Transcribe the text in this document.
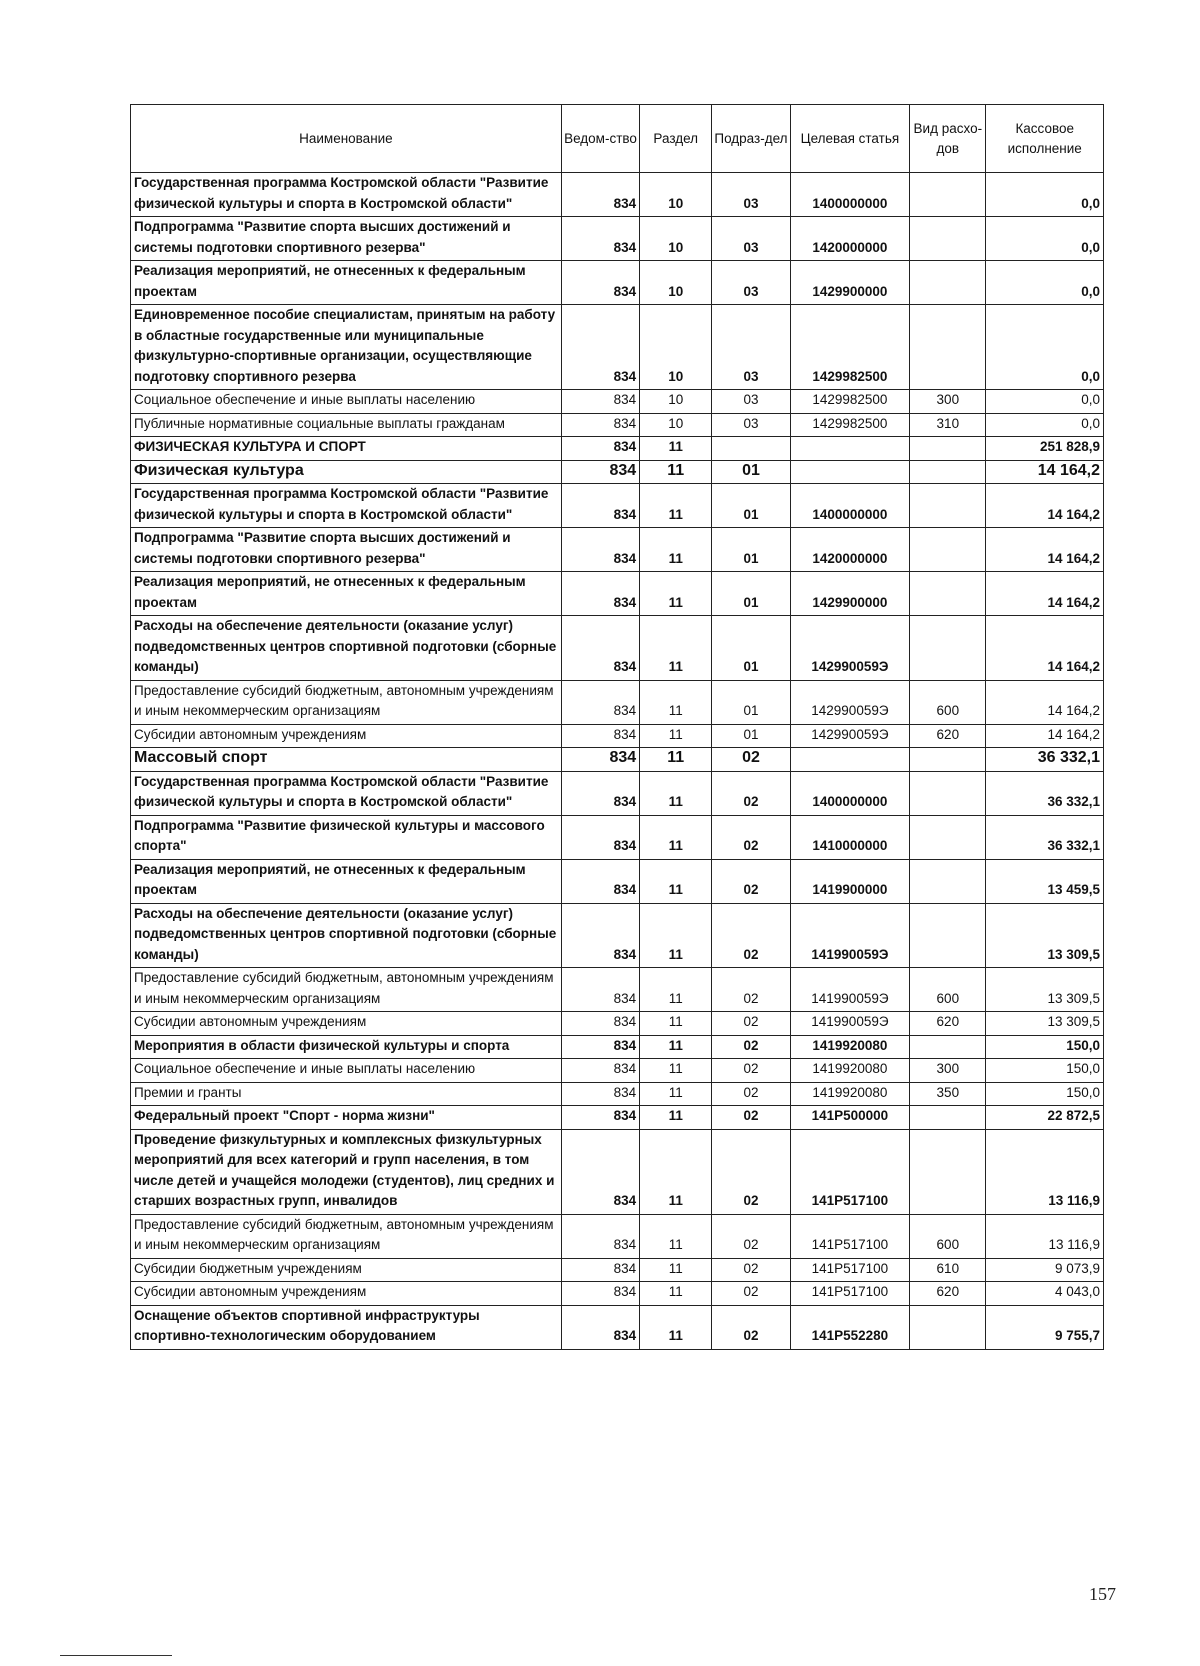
Наименование	Ведом-ство	Раздел	Подраз-дел	Целевая статья	Вид расхо-дов	Кассовое исполнение
Государственная программа Костромской области "Развитие физической культуры и спорта в Костромской области"	834	10	03	1400000000		0,0
Подпрограмма "Развитие спорта высших достижений и системы подготовки спортивного резерва"	834	10	03	1420000000		0,0
Реализация мероприятий, не отнесенных к федеральным проектам	834	10	03	1429900000		0,0
Единовременное пособие специалистам, принятым на работу в областные государственные или муниципальные физкультурно-спортивные организации, осуществляющие подготовку спортивного резерва	834	10	03	1429982500		0,0
Социальное обеспечение и иные выплаты населению	834	10	03	1429982500	300	0,0
Публичные нормативные социальные выплаты гражданам	834	10	03	1429982500	310	0,0
ФИЗИЧЕСКАЯ КУЛЬТУРА И СПОРТ	834	11				251 828,9
Физическая культура	834	11	01			14 164,2
Государственная программа Костромской области "Развитие физической культуры и спорта в Костромской области"	834	11	01	1400000000		14 164,2
Подпрограмма "Развитие спорта высших достижений и системы подготовки спортивного резерва"	834	11	01	1420000000		14 164,2
Реализация мероприятий, не отнесенных к федеральным проектам	834	11	01	1429900000		14 164,2
Расходы на обеспечение деятельности (оказание услуг) подведомственных центров спортивной подготовки (сборные команды)	834	11	01	142990059Э		14 164,2
Предоставление субсидий бюджетным, автономным учреждениям и иным некоммерческим организациям	834	11	01	142990059Э	600	14 164,2
Субсидии автономным учреждениям	834	11	01	142990059Э	620	14 164,2
Массовый спорт	834	11	02			36 332,1
Государственная программа Костромской области "Развитие физической культуры и спорта в Костромской области"	834	11	02	1400000000		36 332,1
Подпрограмма "Развитие физической культуры и массового спорта"	834	11	02	1410000000		36 332,1
Реализация мероприятий, не отнесенных к федеральным проектам	834	11	02	1419900000		13 459,5
Расходы на обеспечение деятельности (оказание услуг) подведомственных центров спортивной подготовки (сборные команды)	834	11	02	141990059Э		13 309,5
Предоставление субсидий бюджетным, автономным учреждениям и иным некоммерческим организациям	834	11	02	141990059Э	600	13 309,5
Субсидии автономным учреждениям	834	11	02	141990059Э	620	13 309,5
Мероприятия в области физической культуры и спорта	834	11	02	1419920080		150,0
Социальное обеспечение и иные выплаты населению	834	11	02	1419920080	300	150,0
Премии и гранты	834	11	02	1419920080	350	150,0
Федеральный проект "Спорт - норма жизни"	834	11	02	141P500000		22 872,5
Проведение физкультурных и комплексных физкультурных мероприятий для всех категорий и групп населения, в том числе детей и учащейся молодежи (студентов), лиц средних и старших возрастных групп, инвалидов	834	11	02	141P517100		13 116,9
Предоставление субсидий бюджетным, автономным учреждениям и иным некоммерческим организациям	834	11	02	141P517100	600	13 116,9
Субсидии бюджетным учреждениям	834	11	02	141P517100	610	9 073,9
Субсидии автономным учреждениям	834	11	02	141P517100	620	4 043,0
Оснащение объектов спортивной инфраструктуры спортивно-технологическим оборудованием	834	11	02	141P552280		9 755,7
157
